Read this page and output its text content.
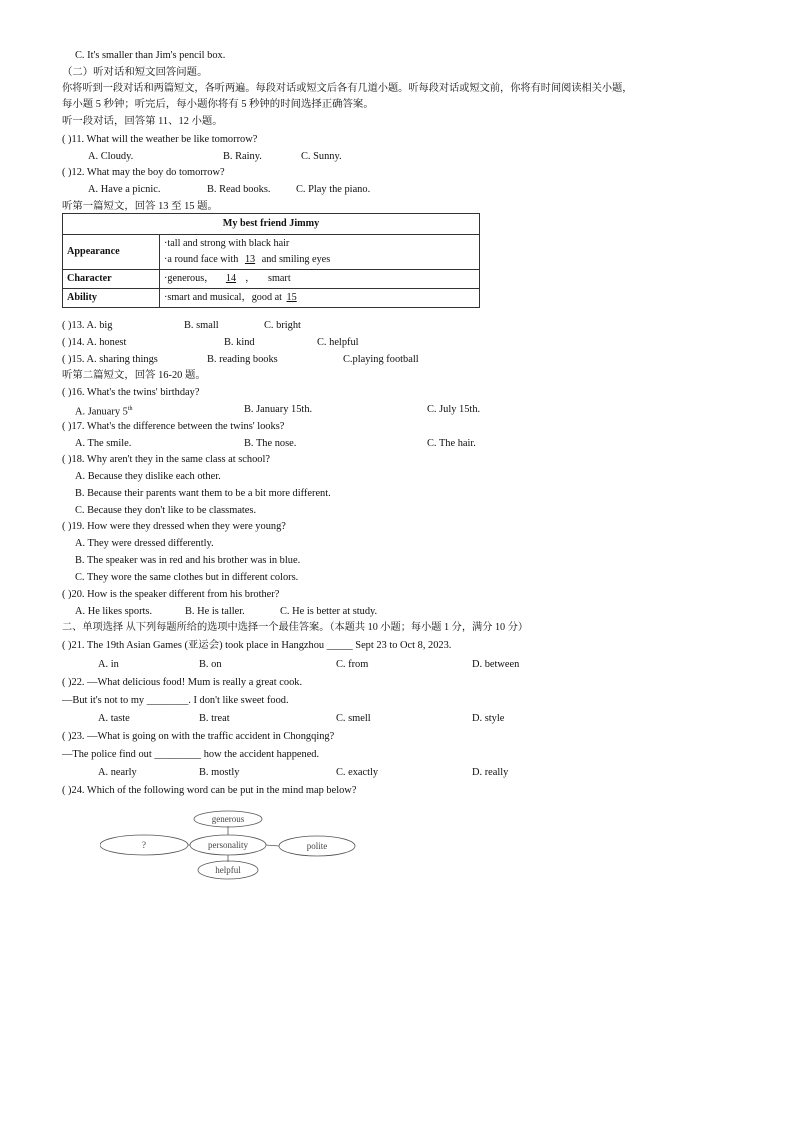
C. It's smaller than Jim's pencil box.
（二）听对话和短文回答问题。
你将听到一段对话和两篇短文，各听两遍。每段对话或短文后各有几道小题。听每段对话或短文前，你将有时间阅读相关小题，
每小题 5 秒钟；听完后，每小题你将有 5 秒钟的时间选择正确答案。
听一段对话，回答第 11、12 小题。
( )11. What will the weather be like tomorrow?
A. Cloudy.	B. Rainy.	C. Sunny.
( )12. What may the boy do tomorrow?
A. Have a picnic.	B. Read books. C. Play the piano.
听第一篇短文，回答 13 至 15 题。
My best friend Jimmy	
Appearance	·tall and strong with black hair
·a round face with 13 and smiling eyes

Character	·generous， 14 ，     smart
Ability	·smart and musical，good at 15
( )13. A. big	B. small	C. bright
( )14. A. honest	B. kind	C. helpful
( )15. A. sharing things	B. reading books	C.playing football
听第二篇短文，回答 16-20 题。
( )16. What's the twins' birthday?
A. January 5th	B. January 15th.	C. July 15th.
( )17. What's the difference between the twins' looks?
A. The smile.	B. The nose.	C. The hair.
( )18. Why aren't they in the same class at school?
A. Because they dislike each other.
B. Because their parents want them to be a bit more different.
C. Because they don't like to be classmates.
( )19. How were they dressed when they were young?
A. They were dressed differently.
B. The speaker was in red and his brother was in blue.
C. They wore the same clothes but in different colors.
( )20. How is the speaker different from his brother?
A. He likes sports.	B. He is taller.	C. He is better at study.
二、单项选择 从下列每题所给的选项中选择一个最佳答案。（本题共 10 小题；每小题 1 分，满分 10 分）
( )21. The 19th Asian Games (亚运会) took place in Hangzhou _____ Sept 23 to Oct 8, 2023.
A. in	B. on	C. from	D. between
( )22. —What delicious food! Mum is really a great cook.
—But it's not to my ________. I don't like sweet food.
A. taste	B. treat	C. smell	D. style
( )23. —What is going on with the traffic accident in Chongqing?
—The police find out _________ how the accident happened.
A. nearly	B. mostly	C. exactly	D. really
( )24. Which of the following word can be put in the mind map below?
generous
personality
?	polite
helpful
